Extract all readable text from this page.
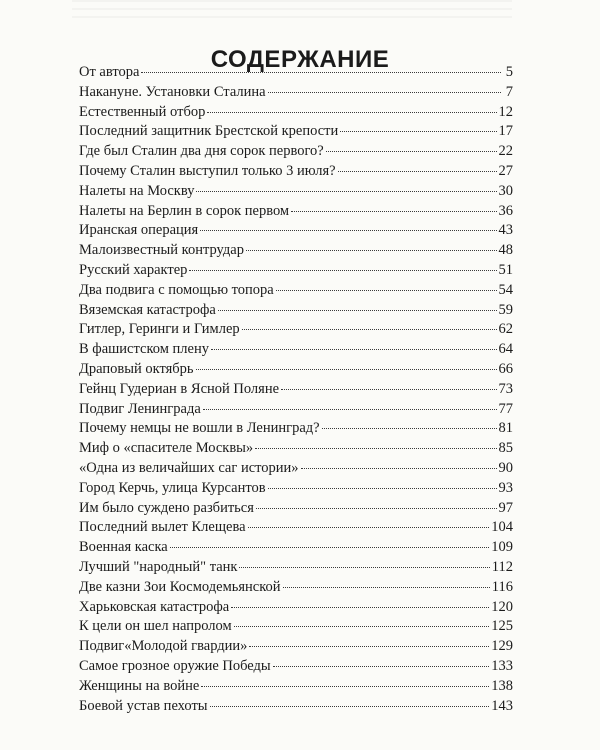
СОДЕРЖАНИЕ
От автора	5
Накануне. Установки Сталина	7
Естественный отбор	12
Последний защитник Брестской крепости	17
Где был Сталин два дня сорок первого?	22
Почему Сталин выступил только 3 июля?	27
Налеты на Москву	30
Налеты на Берлин в сорок первом	36
Иранская операция	43
Малоизвестный контрудар	48
Русский характер	51
Два подвига с помощью топора	54
Вяземская катастрофа	59
Гитлер, Геринги и Гимлер	62
В фашистском плену	64
Драповый октябрь	66
Гейнц Гудериан в Ясной Поляне	73
Подвиг Ленинграда	77
Почему немцы не вошли в Ленинград?	81
Миф о «спасителе Москвы»	85
«Одна из величайших саг истории»	90
Город Керчь, улица Курсантов	93
Им было суждено разбиться	97
Последний вылет Клещева	104
Военная каска	109
Лучший "народный" танк	112
Две казни Зои Космодемьянской	116
Харьковская катастрофа	120
К цели он шел напролом	125
Подвиг«Молодой гвардии»	129
Самое грозное оружие Победы	133
Женщины на войне	138
Боевой устав пехоты	143
